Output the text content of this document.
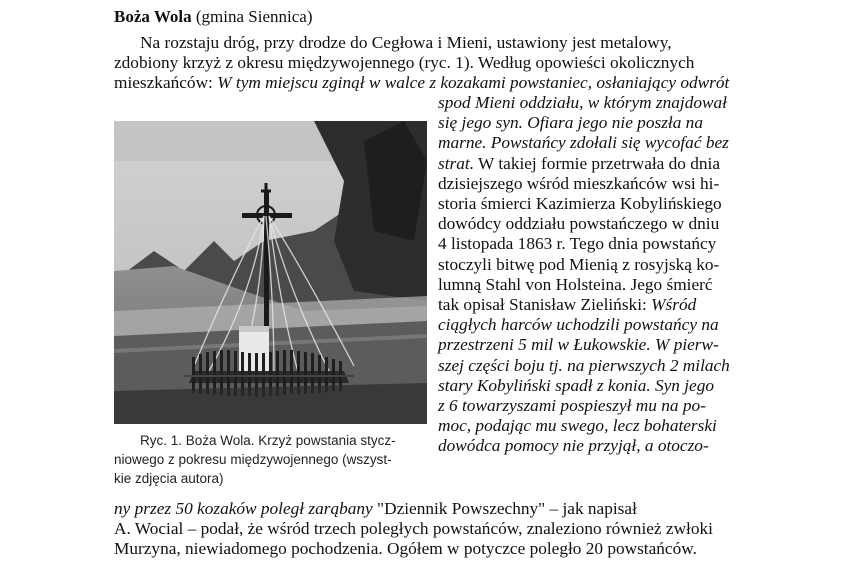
Boża Wola (gmina Siennica)
Na rozstaju dróg, przy drodze do Cegłowa i Mieni, ustawiony jest metalowy,
zdobiony krzyż z okresu międzywojennego (ryc. 1). Według opowieści okolicznych
mieszkańców: W tym miejscu zginął w walce z kozakami powstaniec, osłaniający odwrót
Ryc. 1. Boża Wola. Krzyż powstania stycz-
niowego z pokresu międzywojennego (wszyst-
kie zdjęcia autora)
spod Mieni oddziału, w którym znajdował
się jego syn. Ofiara jego nie poszła na
marne. Powstańcy zdołali się wycofać bez
strat. W takiej formie przetrwała do dnia
dzisiejszego wśród mieszkańców wsi hi-
storia śmierci Kazimierza Kobylińskiego
dowódcy oddziału powstańczego w dniu
4 listopada 1863 r. Tego dnia powstańcy
stoczyli bitwę pod Mienią z rosyjską ko-
lumną Stahl von Holsteina. Jego śmierć
tak opisał Stanisław Zieliński: Wśród
ciągłych harców uchodzili powstańcy na
przestrzeni 5 mil w Łukowskie. W pierw-
szej części boju tj. na pierwszych 2 milach
stary Kobyliński spadł z konia. Syn jego
z 6 towarzyszami pospieszył mu na po-
moc, podając mu swego, lecz bohaterski
dowódca pomocy nie przyjął, a otoczo-
ny przez 50 kozaków poległ zarąbany "Dziennik Powszechny" – jak napisał
A. Wocial – podał, że wśród trzech poległych powstańców, znaleziono również zwłoki
Murzyna, niewiadomego pochodzenia. Ogółem w potyczce poległo 20 powstańców.
